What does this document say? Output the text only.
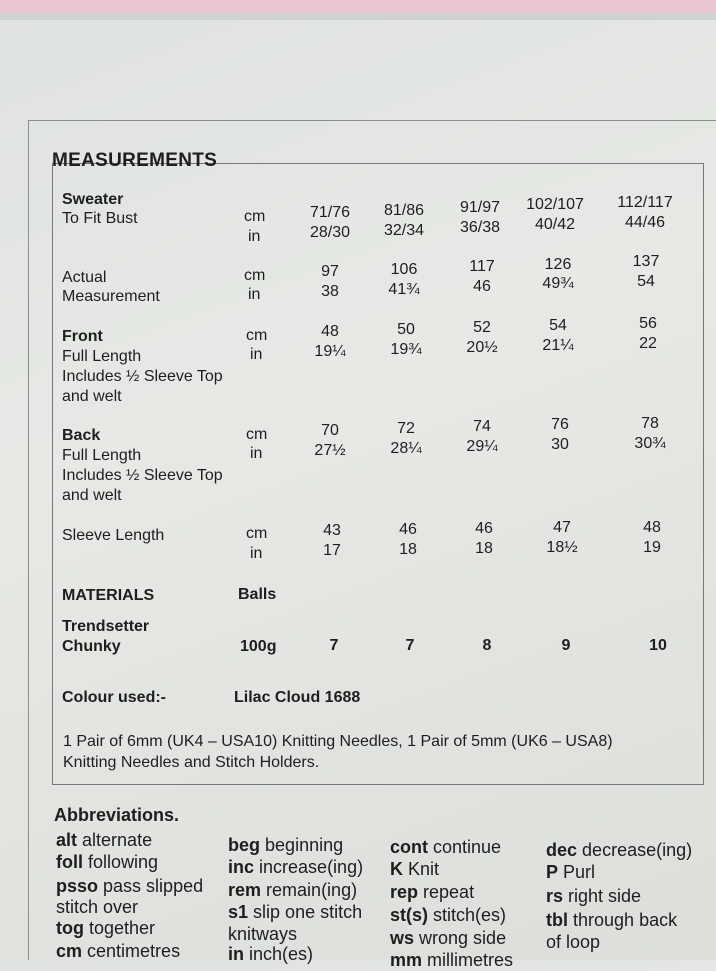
MEASUREMENTS
Sweater
To Fit Bust	cm
in
71/76 81/86 91/97 102/107 112/117
28/30 32/34 36/38 40/42	44/46
Actual
Measurement
cm
in
97	106	117	126	137
38	41¾	46	49¾	54
Front
Full Length
Includes ½ Sleeve Top
and welt
cm
in
48	50	52	54	56
19¼	19¾	20½	21¼	22
Back
Full Length
Includes ½ Sleeve Top
and welt
cm
in
70	72	74	76	78
27½	28¼	29¼	30	30¾
Sleeve Length	cm
in
43	46	46	47	48
17	18	18	18½	19
MATERIALS	Balls
Trendsetter
Chunky	100g	7	7	8	9	10
Colour used:-	Lilac Cloud 1688
1 Pair of 6mm (UK4 – USA10) Knitting Needles, 1 Pair of 5mm (UK6 – USA8)
Knitting Needles and Stitch Holders.
Abbreviations.
alt alternate
foll following
psso pass slipped
stitch over
tog together
cm centimetres
beg beginning
inc increase(ing)
rem remain(ing)
s1 slip one stitch
knitways
in inch(es)
cont continue
K Knit
rep repeat
st(s) stitch(es)
ws wrong side
mm millimetres
dec decrease(ing)
P Purl
rs right side
tbl through back
of loop
